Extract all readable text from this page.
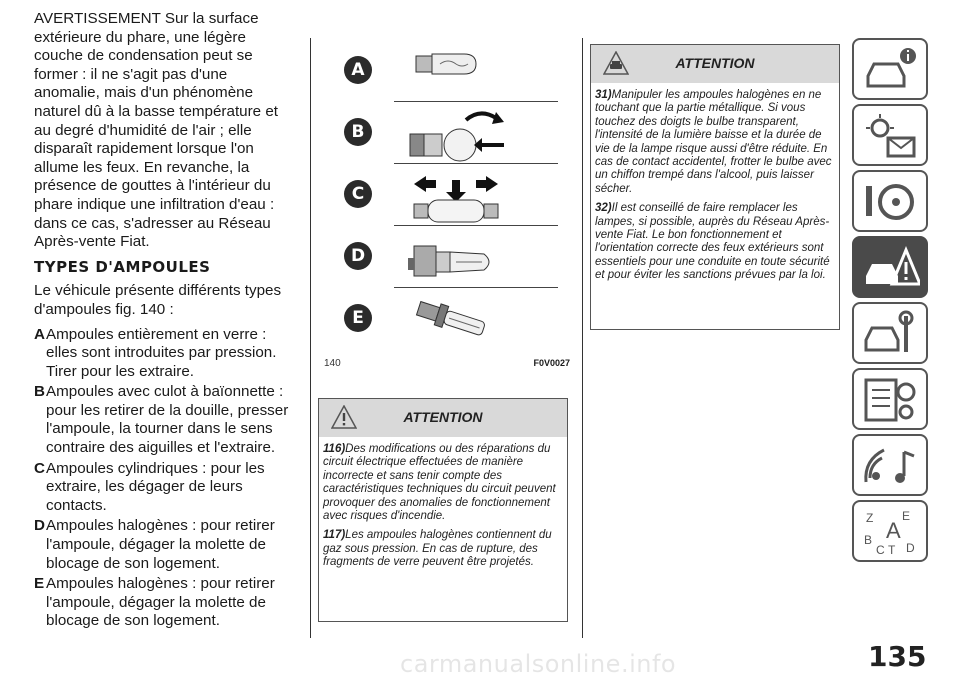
AVERTISSEMENT Sur la surface extérieure du phare, une légère couche de condensation peut se former : il ne s'agit pas d'une anomalie, mais d'un phénomène naturel dû à la basse température et au degré d'humidité de l'air ; elle disparaît rapidement lorsque l'on allume les feux. En revanche, la présence de gouttes à l'intérieur du phare indique une infiltration d'eau : dans ce cas, s'adresser au Réseau Après-vente Fiat.

TYPES D'AMPOULES

Le véhicule présente différents types d'ampoules fig. 140 :

A Ampoules entièrement en verre : elles sont introduites par pression. Tirer pour les extraire.
B Ampoules avec culot à baïonnette : pour les retirer de la douille, presser l'ampoule, la tourner dans le sens contraire des aiguilles et l'extraire.
C Ampoules cylindriques : pour les extraire, les dégager de leurs contacts.
D Ampoules halogènes : pour retirer l'ampoule, dégager la molette de blocage de son logement.
E Ampoules halogènes : pour retirer l'ampoule, dégager la molette de blocage de son logement.
A
B
C
D
E
140	F0V0027
ATTENTION

116)Des modifications ou des réparations du circuit électrique effectuées de manière incorrecte et sans tenir compte des caractéristiques techniques du circuit peuvent provoquer des anomalies de fonctionnement avec risques d'incendie.

117)Les ampoules halogènes contiennent du gaz sous pression. En cas de rupture, des fragments de verre peuvent être projetés.

ATTENTION

31)Manipuler les ampoules halogènes en ne touchant que la partie métallique. Si vous touchez des doigts le bulbe transparent, l'intensité de la lumière baisse et la durée de vie de la lampe risque aussi d'être réduite. En cas de contact accidentel, frotter le bulbe avec un chiffon trempé dans l'alcool, puis laisser sécher.

32)Il est conseillé de faire remplacer les lampes, si possible, auprès du Réseau Après-vente Fiat. Le bon fonctionnement et l'orientation correcte des feux extérieurs sont essentiels pour une conduite en toute sécurité et pour éviter les sanctions prévues par la loi.

Z E
A
B
C T D
135
carmanualsonline.info
